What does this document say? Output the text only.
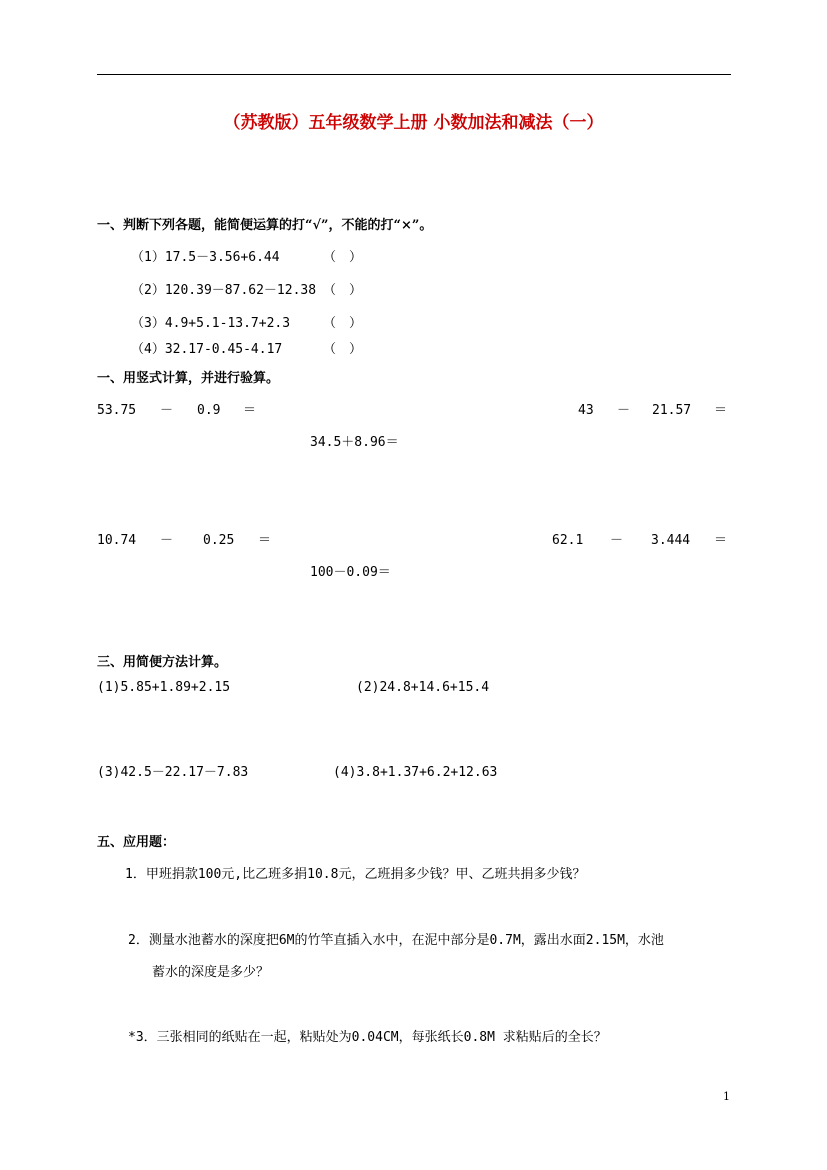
（苏教版）五年级数学上册 小数加法和减法（一）
一、判断下列各题，能简便运算的打“√”，不能的打“×”。
（1）17.5－3.56+6.44	（　）
（2）120.39－87.62－12.38 （　）
（3）4.9+5.1-13.7+2.3	（　）
（4）32.17-0.45-4.17	（　）
一、用竖式计算，并进行验算。
53.75 － 0.9 ＝	43 － 21.57 ＝
34.5＋8.96＝
10.74 － 0.25 ＝	62.1 － 3.444 ＝
100－0.09＝
三、用简便方法计算。
(1)5.85+1.89+2.15	(2)24.8+14.6+15.4
(3)42.5－22.17－7.83	(4)3.8+1.37+6.2+12.63
五、应用题：
1．甲班捐款100元,比乙班多捐10.8元，乙班捐多少钱？甲、乙班共捐多少钱？
2．测量水池蓄水的深度把6M的竹竿直插入水中，在泥中部分是0.7M，露出水面2.15M，水池
蓄水的深度是多少？
*3．三张相同的纸贴在一起，粘贴处为0.04CM，每张纸长0.8M 求粘贴后的全长？
1
